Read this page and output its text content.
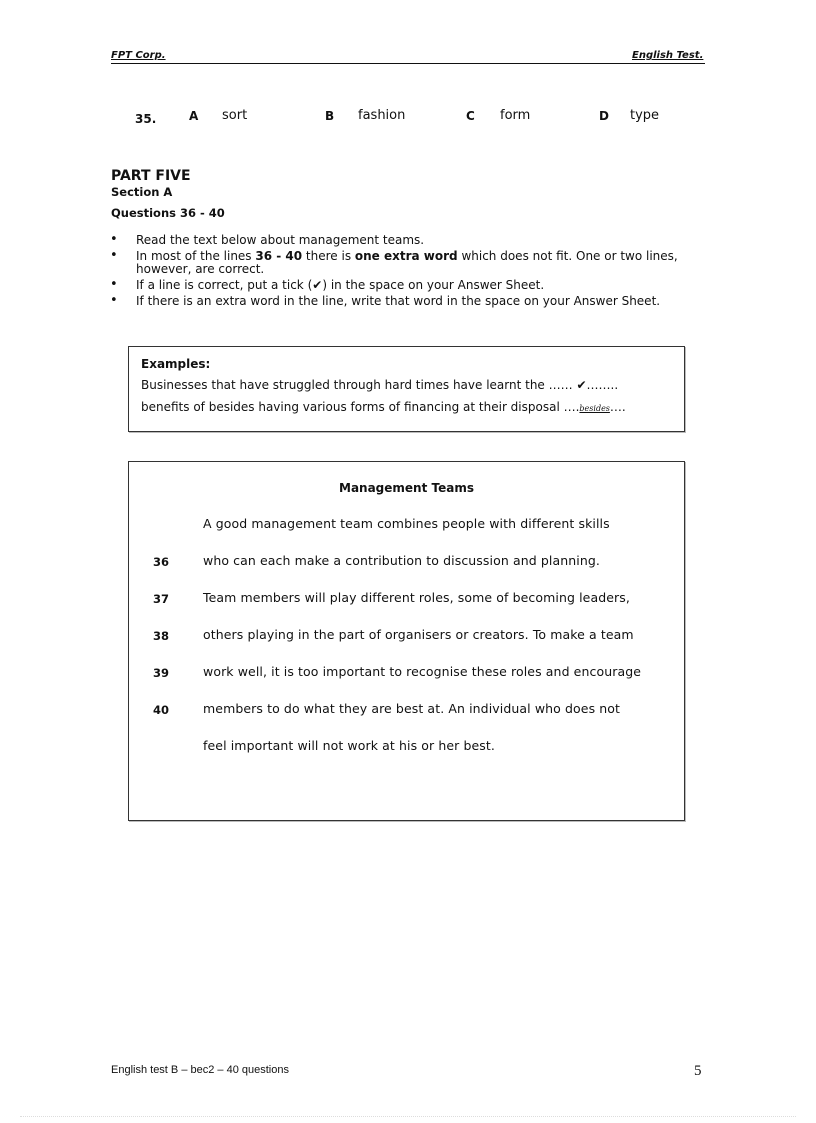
FPT Corp.	English Test.
35.	A sort	B fashion	C form	D type
PART FIVE
Section A
Questions 36 - 40
• Read the text below about management teams.
• In most of the lines 36 - 40 there is one extra word which does not fit. One or two lines, however, are correct.
• If a line is correct, put a tick (✔) in the space on your Answer Sheet.
• If there is an extra word in the line, write that word in the space on your Answer Sheet.
Examples:
Businesses that have struggled through hard times have learnt the …… ✔……..
benefits of besides having various forms of financing at their disposal ….besides….
Management Teams
A good management team combines people with different skills
36	who can each make a contribution to discussion and planning.
37	Team members will play different roles, some of becoming leaders,
38	others playing in the part of organisers or creators. To make a team
39	work well, it is too important to recognise these roles and encourage
40	members to do what they are best at. An individual who does not
feel important will not work at his or her best.
English test B – bec2 – 40 questions	5
